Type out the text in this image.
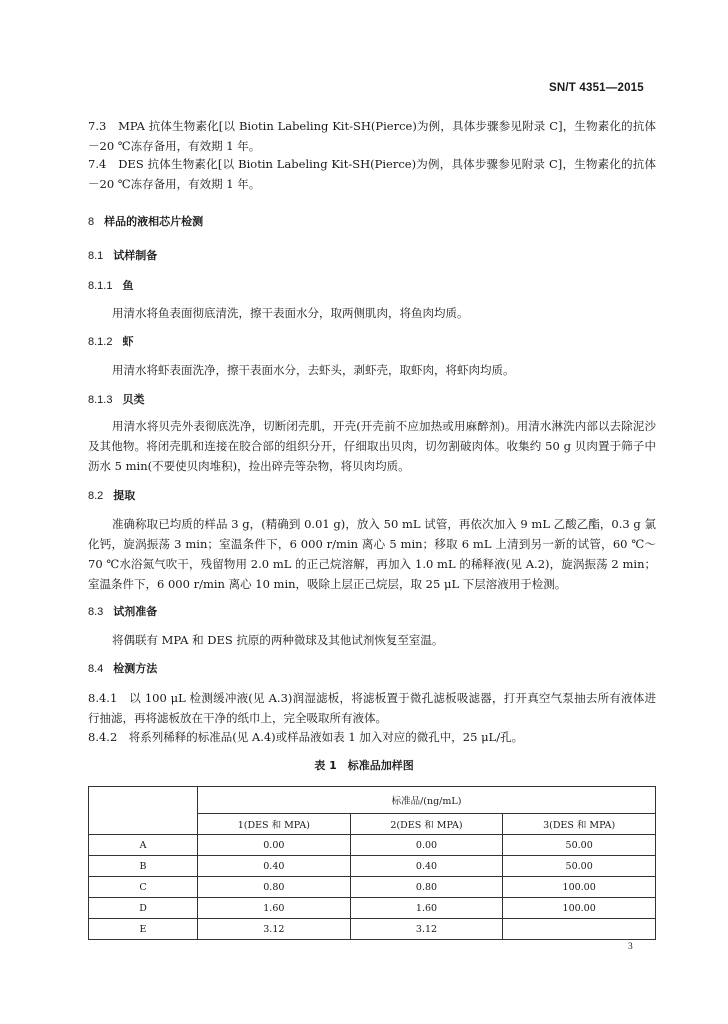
SN/T 4351—2015

7.3　MPA 抗体生物素化[以 Biotin Labeling Kit-SH(Pierce)为例，具体步骤参见附录 C]，生物素化的抗体－20 ℃冻存备用，有效期 1 年。

7.4　DES 抗体生物素化[以 Biotin Labeling Kit-SH(Pierce)为例，具体步骤参见附录 C]，生物素化的抗体－20 ℃冻存备用，有效期 1 年。

8 样品的液相芯片检测
8.1 试样制备
8.1.1 鱼

用清水将鱼表面彻底清洗，擦干表面水分，取两侧肌肉，将鱼肉均质。

8.1.2 虾

用清水将虾表面洗净，擦干表面水分，去虾头，剥虾壳，取虾肉，将虾肉均质。

8.1.3 贝类

用清水将贝壳外表彻底洗净，切断闭壳肌，开壳(开壳前不应加热或用麻醉剂)。用清水淋洗内部以去除泥沙及其他物。将闭壳肌和连接在胶合部的组织分开，仔细取出贝肉，切勿割破肉体。收集约 50 g 贝肉置于筛子中沥水 5 min(不要使贝肉堆积)，捡出碎壳等杂物，将贝肉均质。

8.2 提取

准确称取已均质的样品 3 g，(精确到 0.01 g)，放入 50 mL 试管，再依次加入 9 mL 乙酸乙酯，0.3 g 氯化钙，旋涡振荡 3 min；室温条件下，6 000 r/min 离心 5 min；移取 6 mL 上清到另一新的试管，60 ℃～70 ℃水浴氮气吹干，残留物用 2.0 mL 的正己烷溶解，再加入 1.0 mL 的稀释液(见 A.2)，旋涡振荡 2 min；室温条件下，6 000 r/min 离心 10 min，吸除上层正己烷层，取 25 μL 下层溶液用于检测。

8.3 试剂准备

将偶联有 MPA 和 DES 抗原的两种微球及其他试剂恢复至室温。

8.4 检测方法

8.4.1　以 100 μL 检测缓冲液(见 A.3)润湿滤板，将滤板置于微孔滤板吸滤器，打开真空气泵抽去所有液体进行抽滤，再将滤板放在干净的纸巾上，完全吸取所有液体。

8.4.2　将系列稀释的标准品(见 A.4)或样品液如表 1 加入对应的微孔中，25 μL/孔。

表 1　标准品加样图
	标准品/(ng/mL)		
	1(DES 和 MPA)	2(DES 和 MPA)	3(DES 和 MPA)
A	0.00	0.00	50.00
B	0.40	0.40	50.00
C	0.80	0.80	100.00
D	1.60	1.60	100.00
E	3.12	3.12	
3
